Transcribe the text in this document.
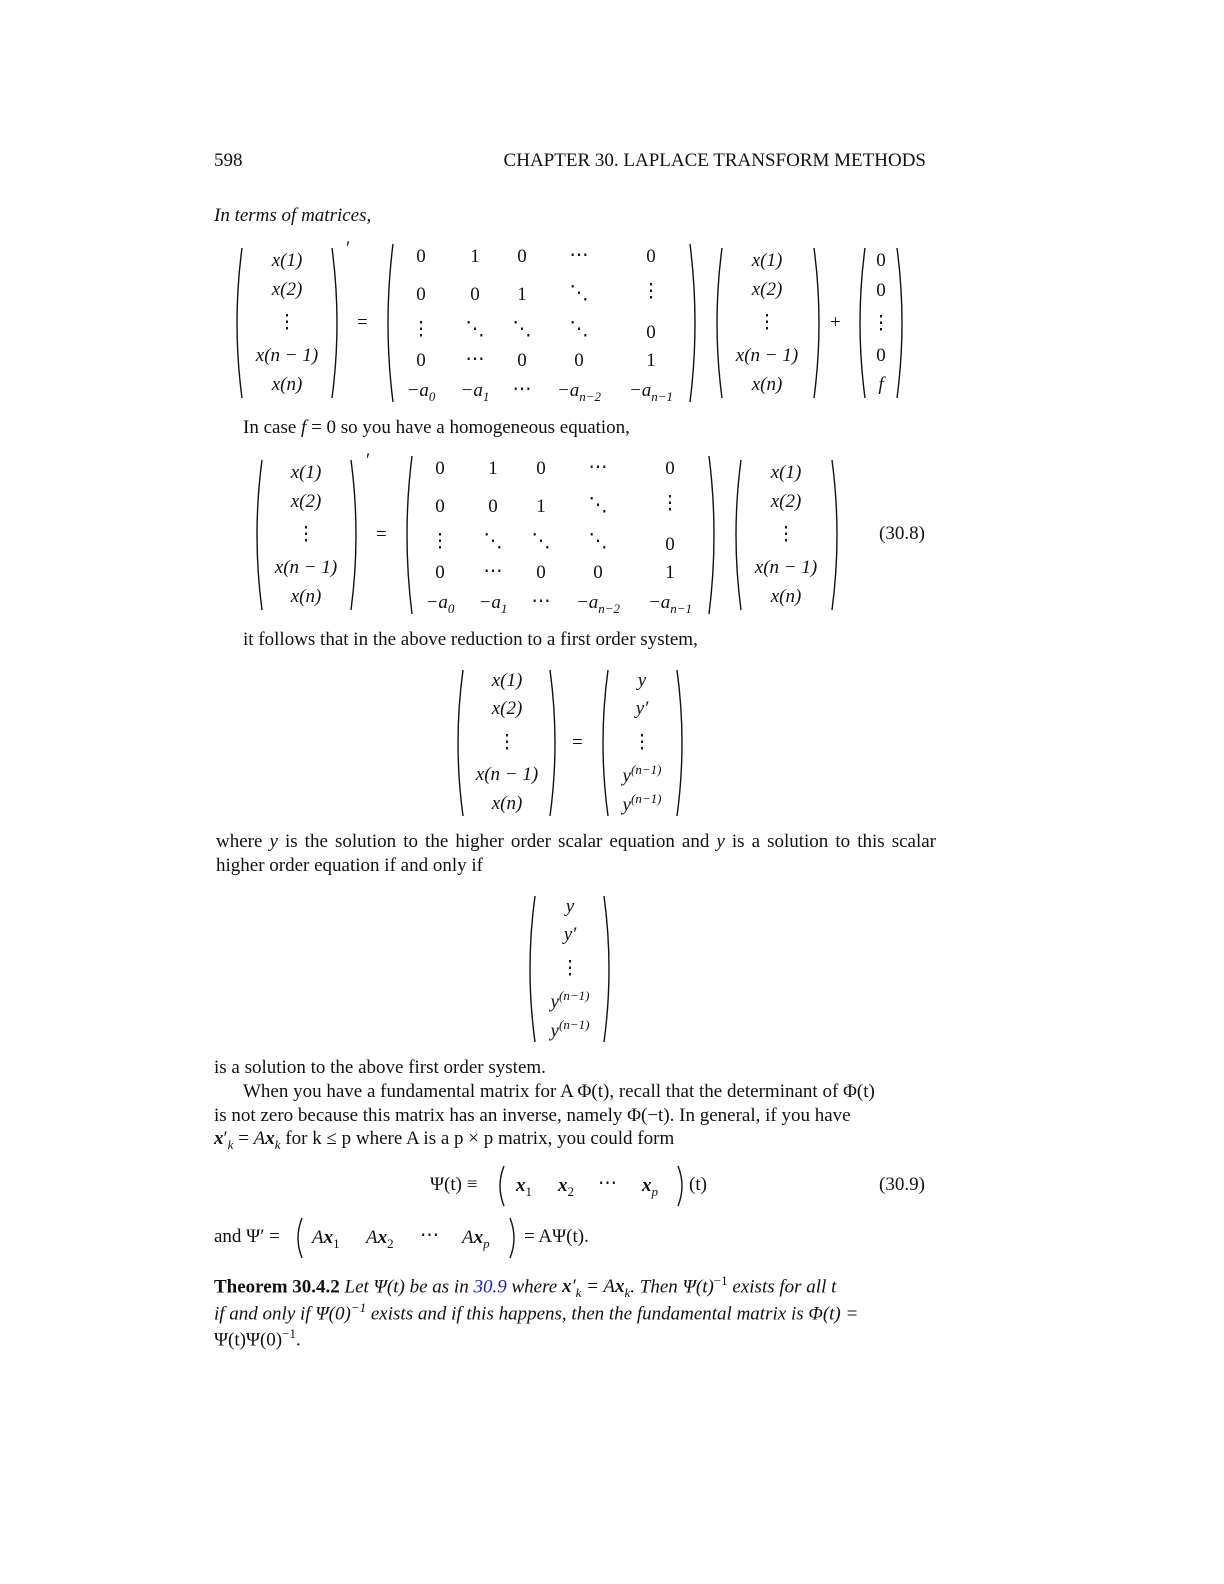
598	CHAPTER 30. LAPLACE TRANSFORM METHODS
In terms of matrices,
x(1)
x(2)
⋮
x(n − 1)
x(n)
′
=
0 1 0 ⋯	0
0 0 1 ⋱	⋮
⋮ ⋱ ⋱ ⋱	0
0 ⋯ 0	0	1
$-a_0 -a_1$ ⋯ $-a_{n-2} -a_{n-1}$
x(1)
x(2)
⋮
x(n − 1)
x(n)
+
0
0
⋮
0
f
In case f = 0 so you have a homogeneous equation,
x(1)
x(2)
⋮
x(n − 1)
x(n)
′
=
0 1 0 ⋯	0
0 0 1 ⋱	⋮
⋮ ⋱ ⋱ ⋱	0
0 ⋯ 0	0	1
$-a_0 -a_1$ ⋯ $-a_{n-2} -a_{n-1}$
x(1)
x(2)
⋮
x(n − 1)
x(n)
(30.8)
it follows that in the above reduction to a first order system,
x(1)
x(2)
⋮
x(n − 1)
x(n)
=
y
y′
⋮
$y^{(n-1)}$
$y^{(n-1)}$
where y is the solution to the higher order scalar equation and y is a solution to this scalar higher order equation if and only if
y
y′
⋮
$y^{(n-1)}$
$y^{(n-1)}$
is a solution to the above first order system.
When you have a fundamental matrix for A Φ(t), recall that the determinant of Φ(t)
is not zero because this matrix has an inverse, namely Φ(−t). In general, if you have
$x'_k = Ax_k$ for k ≤ p where A is a p × p matrix, you could form
$\Psi(t) \equiv x_1$ $x_2$ ⋯ $x_p$ (t)	(30.9)
and $\Psi' = Ax_1$ $Ax_2$ ⋯ $Ax_p = A\Psi(t)$.
Theorem 30.4.2 Let Ψ(t) be as in 30.9 where $x'_k = Ax_k$. Then $\Psi(t)^{-1}$ exists for all t
if and only if $\Psi(0)^{-1}$ exists and if this happens, then the fundamental matrix is Φ(t) =
$\Psi(t)\Psi(0)^{-1}$.
